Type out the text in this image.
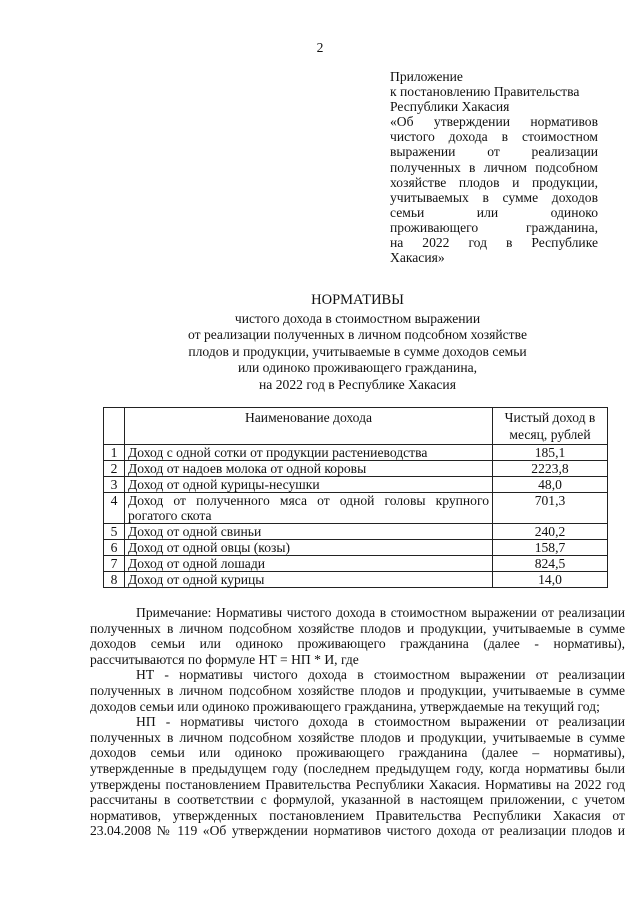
2
Приложение
к постановлению Правительства
Республики Хакасия
«Об утверждении нормативов
чистого дохода в стоимостном
выражении от реализации
полученных в личном подсобном
хозяйстве плодов и продукции,
учитываемых в сумме доходов
семьи или одиноко
проживающего гражданина,
на 2022 год в Республике
Хакасия»
НОРМАТИВЫ
чистого дохода в стоимостном выражении
от реализации полученных в личном подсобном хозяйстве
плодов и продукции, учитываемые в сумме доходов семьи
или одиноко проживающего гражданина,
на 2022 год в Республике Хакасия
	Наименование дохода	Чистый доход в месяц, рублей
1	Доход с одной сотки от продукции растениеводства	185,1
2	Доход от надоев молока от одной коровы	2223,8
3	Доход от одной курицы-несушки	48,0
4	Доход от полученного мяса от одной головы крупного рогатого скота	701,3
5	Доход от одной свиньи	240,2
6	Доход от одной овцы (козы)	158,7
7	Доход от одной лошади	824,5
8	Доход от одной курицы	14,0
Примечание: Нормативы чистого дохода в стоимостном выражении от реализации
полученных в личном подсобном хозяйстве плодов и продукции, учитываемые в сумме
доходов семьи или одиноко проживающего гражданина (далее - нормативы),
рассчитываются по формуле НТ = НП * И, где
НТ - нормативы чистого дохода в стоимостном выражении от реализации
полученных в личном подсобном хозяйстве плодов и продукции, учитываемые в сумме
доходов семьи или одиноко проживающего гражданина, утверждаемые на текущий год;
НП - нормативы чистого дохода в стоимостном выражении от реализации
полученных в личном подсобном хозяйстве плодов и продукции, учитываемые в сумме
доходов семьи или одиноко проживающего гражданина (далее – нормативы),
утвержденные в предыдущем году (последнем предыдущем году, когда нормативы были
утверждены постановлением Правительства Республики Хакасия. Нормативы на 2022 год
рассчитаны в соответствии с формулой, указанной в настоящем приложении, с учетом
нормативов, утвержденных постановлением Правительства Республики Хакасия от
23.04.2008 № 119 «Об утверждении нормативов чистого дохода от реализации плодов и
